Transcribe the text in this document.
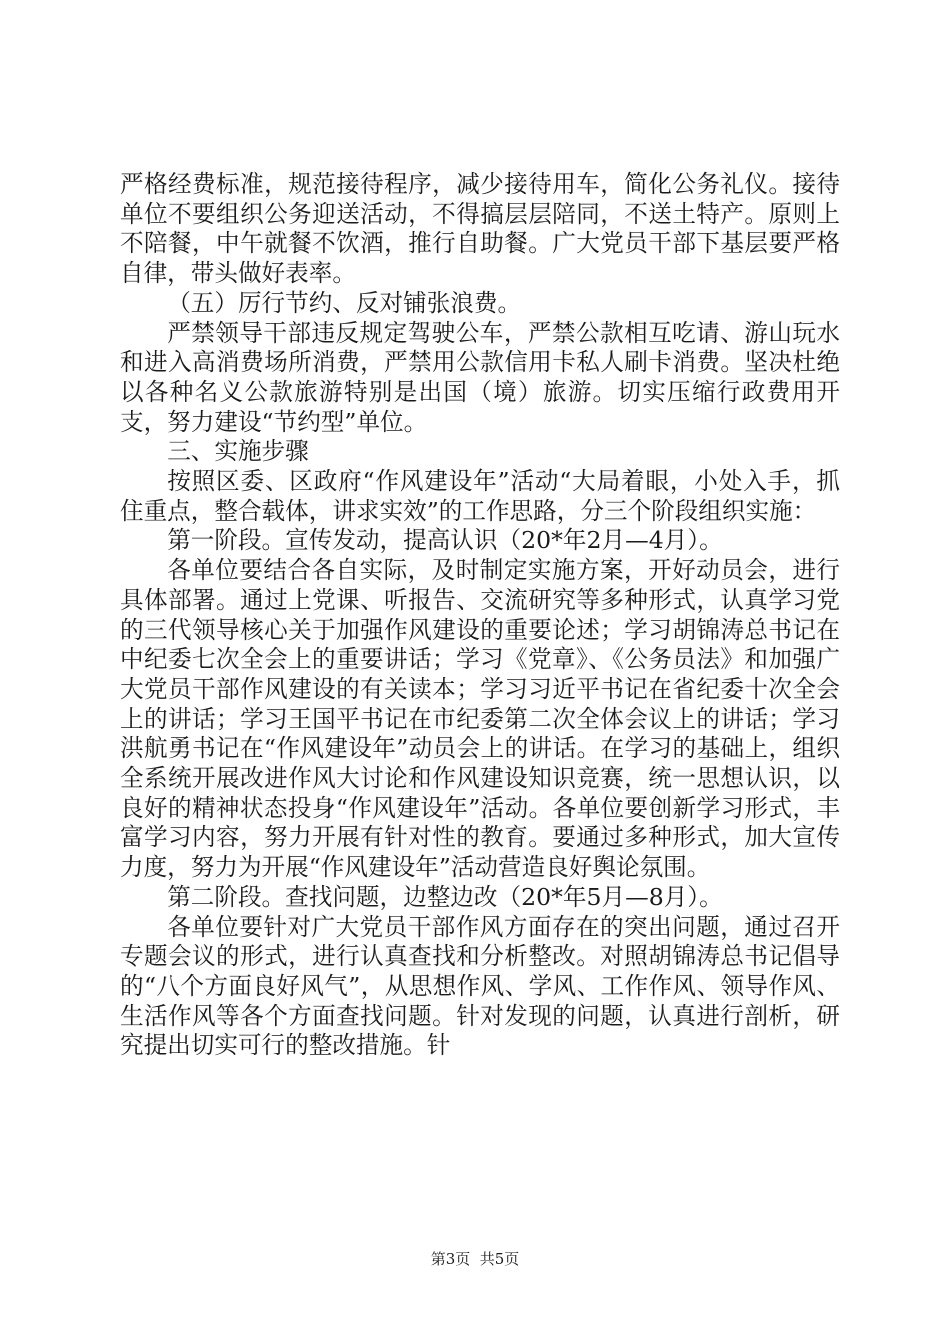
严格经费标准，规范接待程序，减少接待用车，简化公务礼仪。接待单位不要组织公务迎送活动，不得搞层层陪同，不送土特产。原则上不陪餐，中午就餐不饮酒，推行自助餐。广大党员干部下基层要严格自律，带头做好表率。

（五）厉行节约、反对铺张浪费。

严禁领导干部违反规定驾驶公车，严禁公款相互吃请、游山玩水和进入高消费场所消费，严禁用公款信用卡私人刷卡消费。坚决杜绝以各种名义公款旅游特别是出国（境）旅游。切实压缩行政费用开支，努力建设“节约型”单位。

三、实施步骤

按照区委、区政府“作风建设年”活动“大局着眼，小处入手，抓住重点，整合载体，讲求实效”的工作思路，分三个阶段组织实施：

第一阶段。宣传发动，提高认识（20*年2月—4月）。

各单位要结合各自实际，及时制定实施方案，开好动员会，进行具体部署。通过上党课、听报告、交流研究等多种形式，认真学习党的三代领导核心关于加强作风建设的重要论述；学习胡锦涛总书记在中纪委七次全会上的重要讲话；学习《党章》、《公务员法》和加强广大党员干部作风建设的有关读本；学习习近平书记在省纪委十次全会上的讲话；学习王国平书记在市纪委第二次全体会议上的讲话；学习洪航勇书记在“作风建设年”动员会上的讲话。在学习的基础上，组织全系统开展改进作风大讨论和作风建设知识竞赛，统一思想认识，以良好的精神状态投身“作风建设年”活动。各单位要创新学习形式，丰富学习内容，努力开展有针对性的教育。要通过多种形式，加大宣传力度，努力为开展“作风建设年”活动营造良好舆论氛围。

第二阶段。查找问题，边整边改（20*年5月—8月）。

各单位要针对广大党员干部作风方面存在的突出问题，通过召开专题会议的形式，进行认真查找和分析整改。对照胡锦涛总书记倡导的“八个方面良好风气”，从思想作风、学风、工作作风、领导作风、生活作风等各个方面查找问题。针对发现的问题，认真进行剖析，研究提出切实可行的整改措施。针

第3页  共5页
